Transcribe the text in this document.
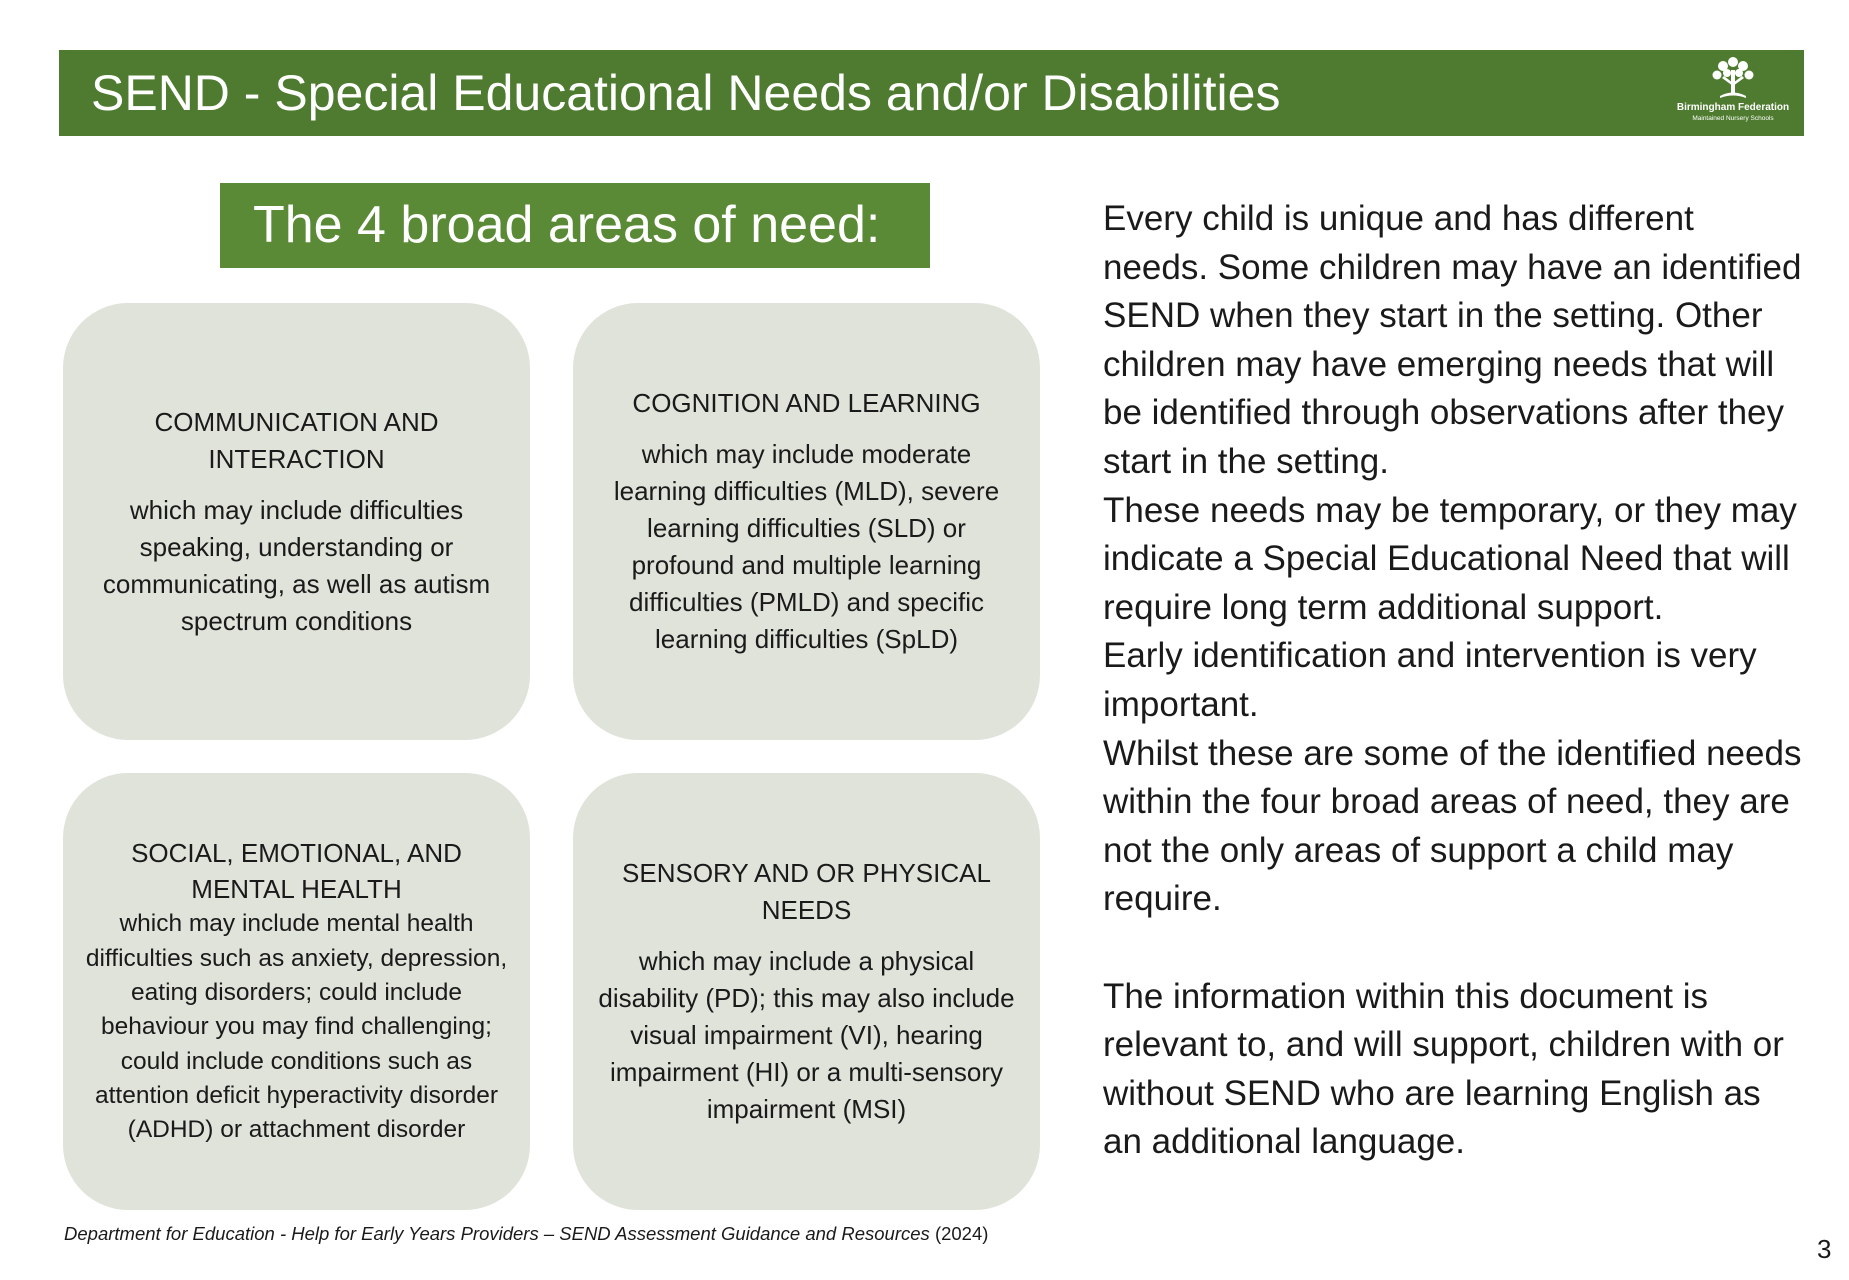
SEND - Special Educational Needs and/or Disabilities	Birmingham Federation
Maintained Nursery Schools
The 4 broad areas of need:
COMMUNICATION AND INTERACTION
which may include difficulties speaking, understanding or communicating, as well as autism spectrum conditions
COGNITION AND LEARNING
which may include moderate learning difficulties (MLD), severe learning difficulties (SLD) or profound and multiple learning difficulties (PMLD) and specific learning difficulties (SpLD)
SOCIAL, EMOTIONAL, AND MENTAL HEALTH
which may include mental health difficulties such as anxiety, depression, eating disorders; could include behaviour you may find challenging; could include conditions such as attention deficit hyperactivity disorder (ADHD) or attachment disorder
SENSORY AND OR PHYSICAL NEEDS
which may include a physical disability (PD); this may also include visual impairment (VI), hearing impairment (HI) or a multi-sensory impairment (MSI)

Every child is unique and has different needs. Some children may have an identified SEND when they start in the setting. Other children may have emerging needs that will be identified through observations after they start in the setting.

These needs may be temporary, or they may indicate a Special Educational Need that will require long term additional support.

Early identification and intervention is very important.

Whilst these are some of the identified needs within the four broad areas of need, they are not the only areas of support a child may require.

The information within this document is relevant to, and will support, children with or without SEND who are learning English as an additional language.

Department for Education - Help for Early Years Providers – SEND Assessment Guidance and Resources (2024)
3
